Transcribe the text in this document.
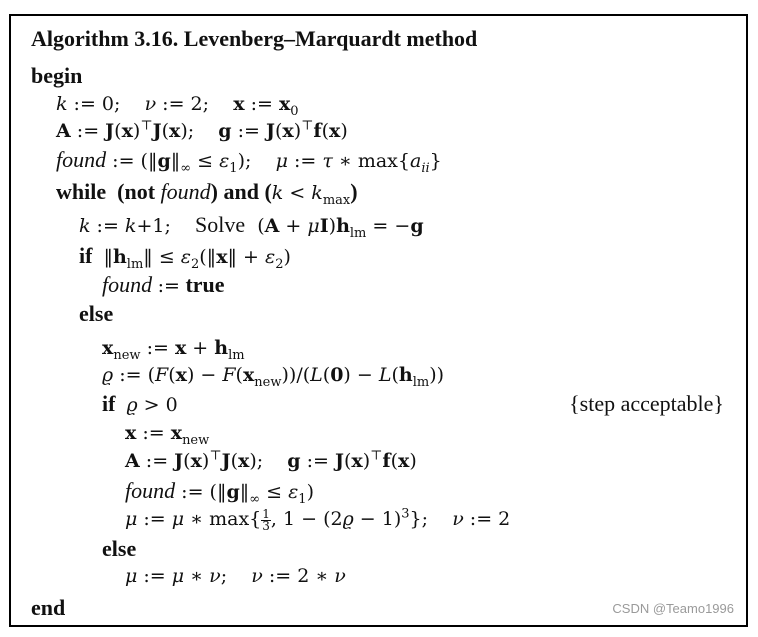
Algorithm 3.16. Levenberg–Marquardt method
begin
k := 0;    ν := 2;    x := $x_0$
A := J(x)⊤J(x);    g := J(x)⊤f(x)
found := $(‖g‖_\infty \le \varepsilon_1)$;    μ := τ ∗ $\max\{a_{ii}\}$
while (not found) and $(k < k_{max})$
k := k+1;    Solve  $(A + \mu I)h_{lm} = -g$
if $‖h_{lm}‖$ ≤ $\varepsilon_2(‖x‖ + \varepsilon_2)$
found := true
else
$x_{new}$ := $x + h_{lm}$
ϱ := $(F(x) - F(x_{new}))/(L(0) - L(h_{lm}))$
if ϱ > 0	{step acceptable}
x := $x_{new}$
A := J(x)⊤J(x);    g := J(x)⊤f(x)
found := $(‖g‖_\infty \le \varepsilon_1)$
μ := μ ∗ $\max\{ \frac{1}{3}$ , $1 - (2ϱ - 1)^3$};    ν := 2
else
μ := μ ∗ ν;    ν := 2 ∗ ν
end	CSDN @Teamo1996
